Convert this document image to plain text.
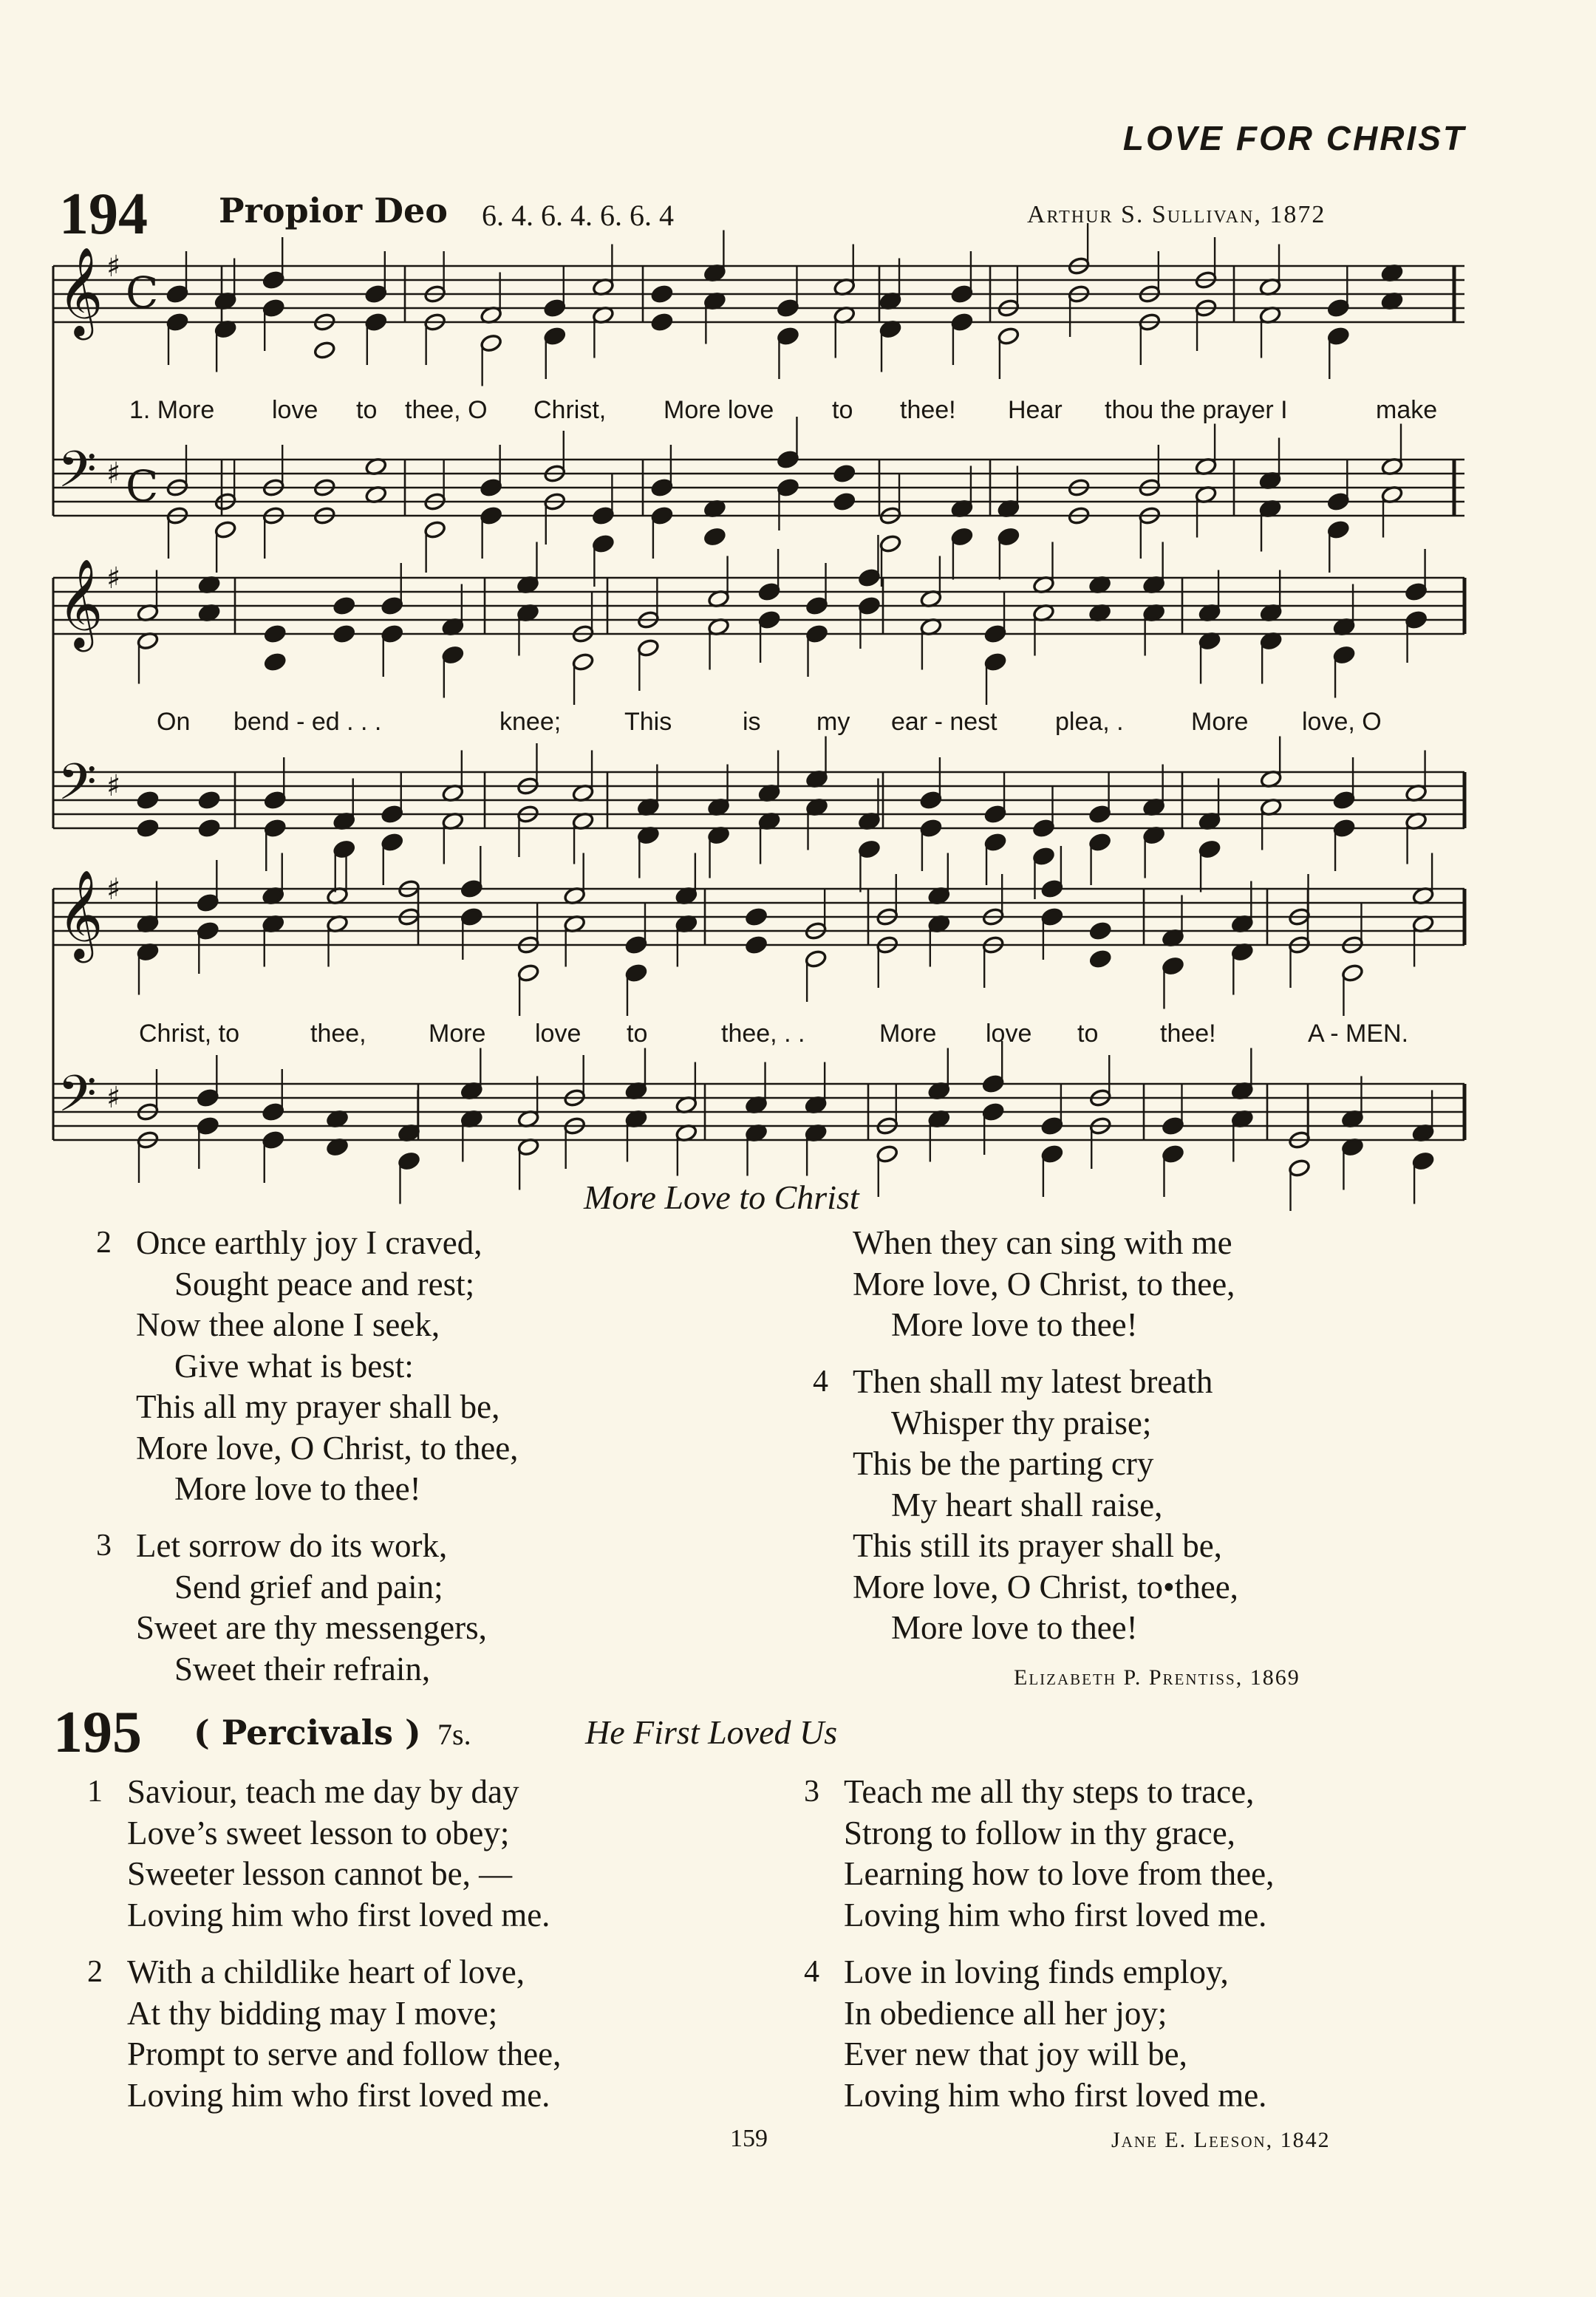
LOVE FOR CHRIST
194 Propior Deo 6. 4. 6. 4. 6. 6. 4	Arthur S. Sullivan, 1872
𝄞 ♯
C
𝄢 ♯ C
𝄞 ♯
𝄢 ♯
𝄞 ♯
𝄢 ♯
1. More love to thee, O Christ, More love to thee! Hear thou the prayer I	make
On bend - ed . . .	knee;	This	is my ear - nest plea, .	More love, O
Christ, to	thee, More love to	thee, . .	More love to thee!	A - MEN.
More Love to Christ
2 Once earthly joy I craved,
Sought peace and rest;
Now thee alone I seek,
Give what is best:
This all my prayer shall be,
More love, O Christ, to thee,
More love to thee!
3 Let sorrow do its work,
Send grief and pain;
Sweet are thy messengers,
Sweet their refrain,
When they can sing with me
More love, O Christ, to thee,
More love to thee!
4 Then shall my latest breath
Whisper thy praise;
This be the parting cry
My heart shall raise,
This still its prayer shall be,
More love, O Christ, to•thee,
More love to thee!
Elizabeth P. Prentiss, 1869
195 ( Percivals ) 7s.	He First Loved Us
1 Saviour, teach me day by day
Love’s sweet lesson to obey;
Sweeter lesson cannot be, —
Loving him who first loved me.
2 With a childlike heart of love,
At thy bidding may I move;
Prompt to serve and follow thee,
Loving him who first loved me.
3 Teach me all thy steps to trace,
Strong to follow in thy grace,
Learning how to love from thee,
Loving him who first loved me.
4 Love in loving finds employ,
In obedience all her joy;
Ever new that joy will be,
Loving him who first loved me.
159	Jane E. Leeson, 1842
